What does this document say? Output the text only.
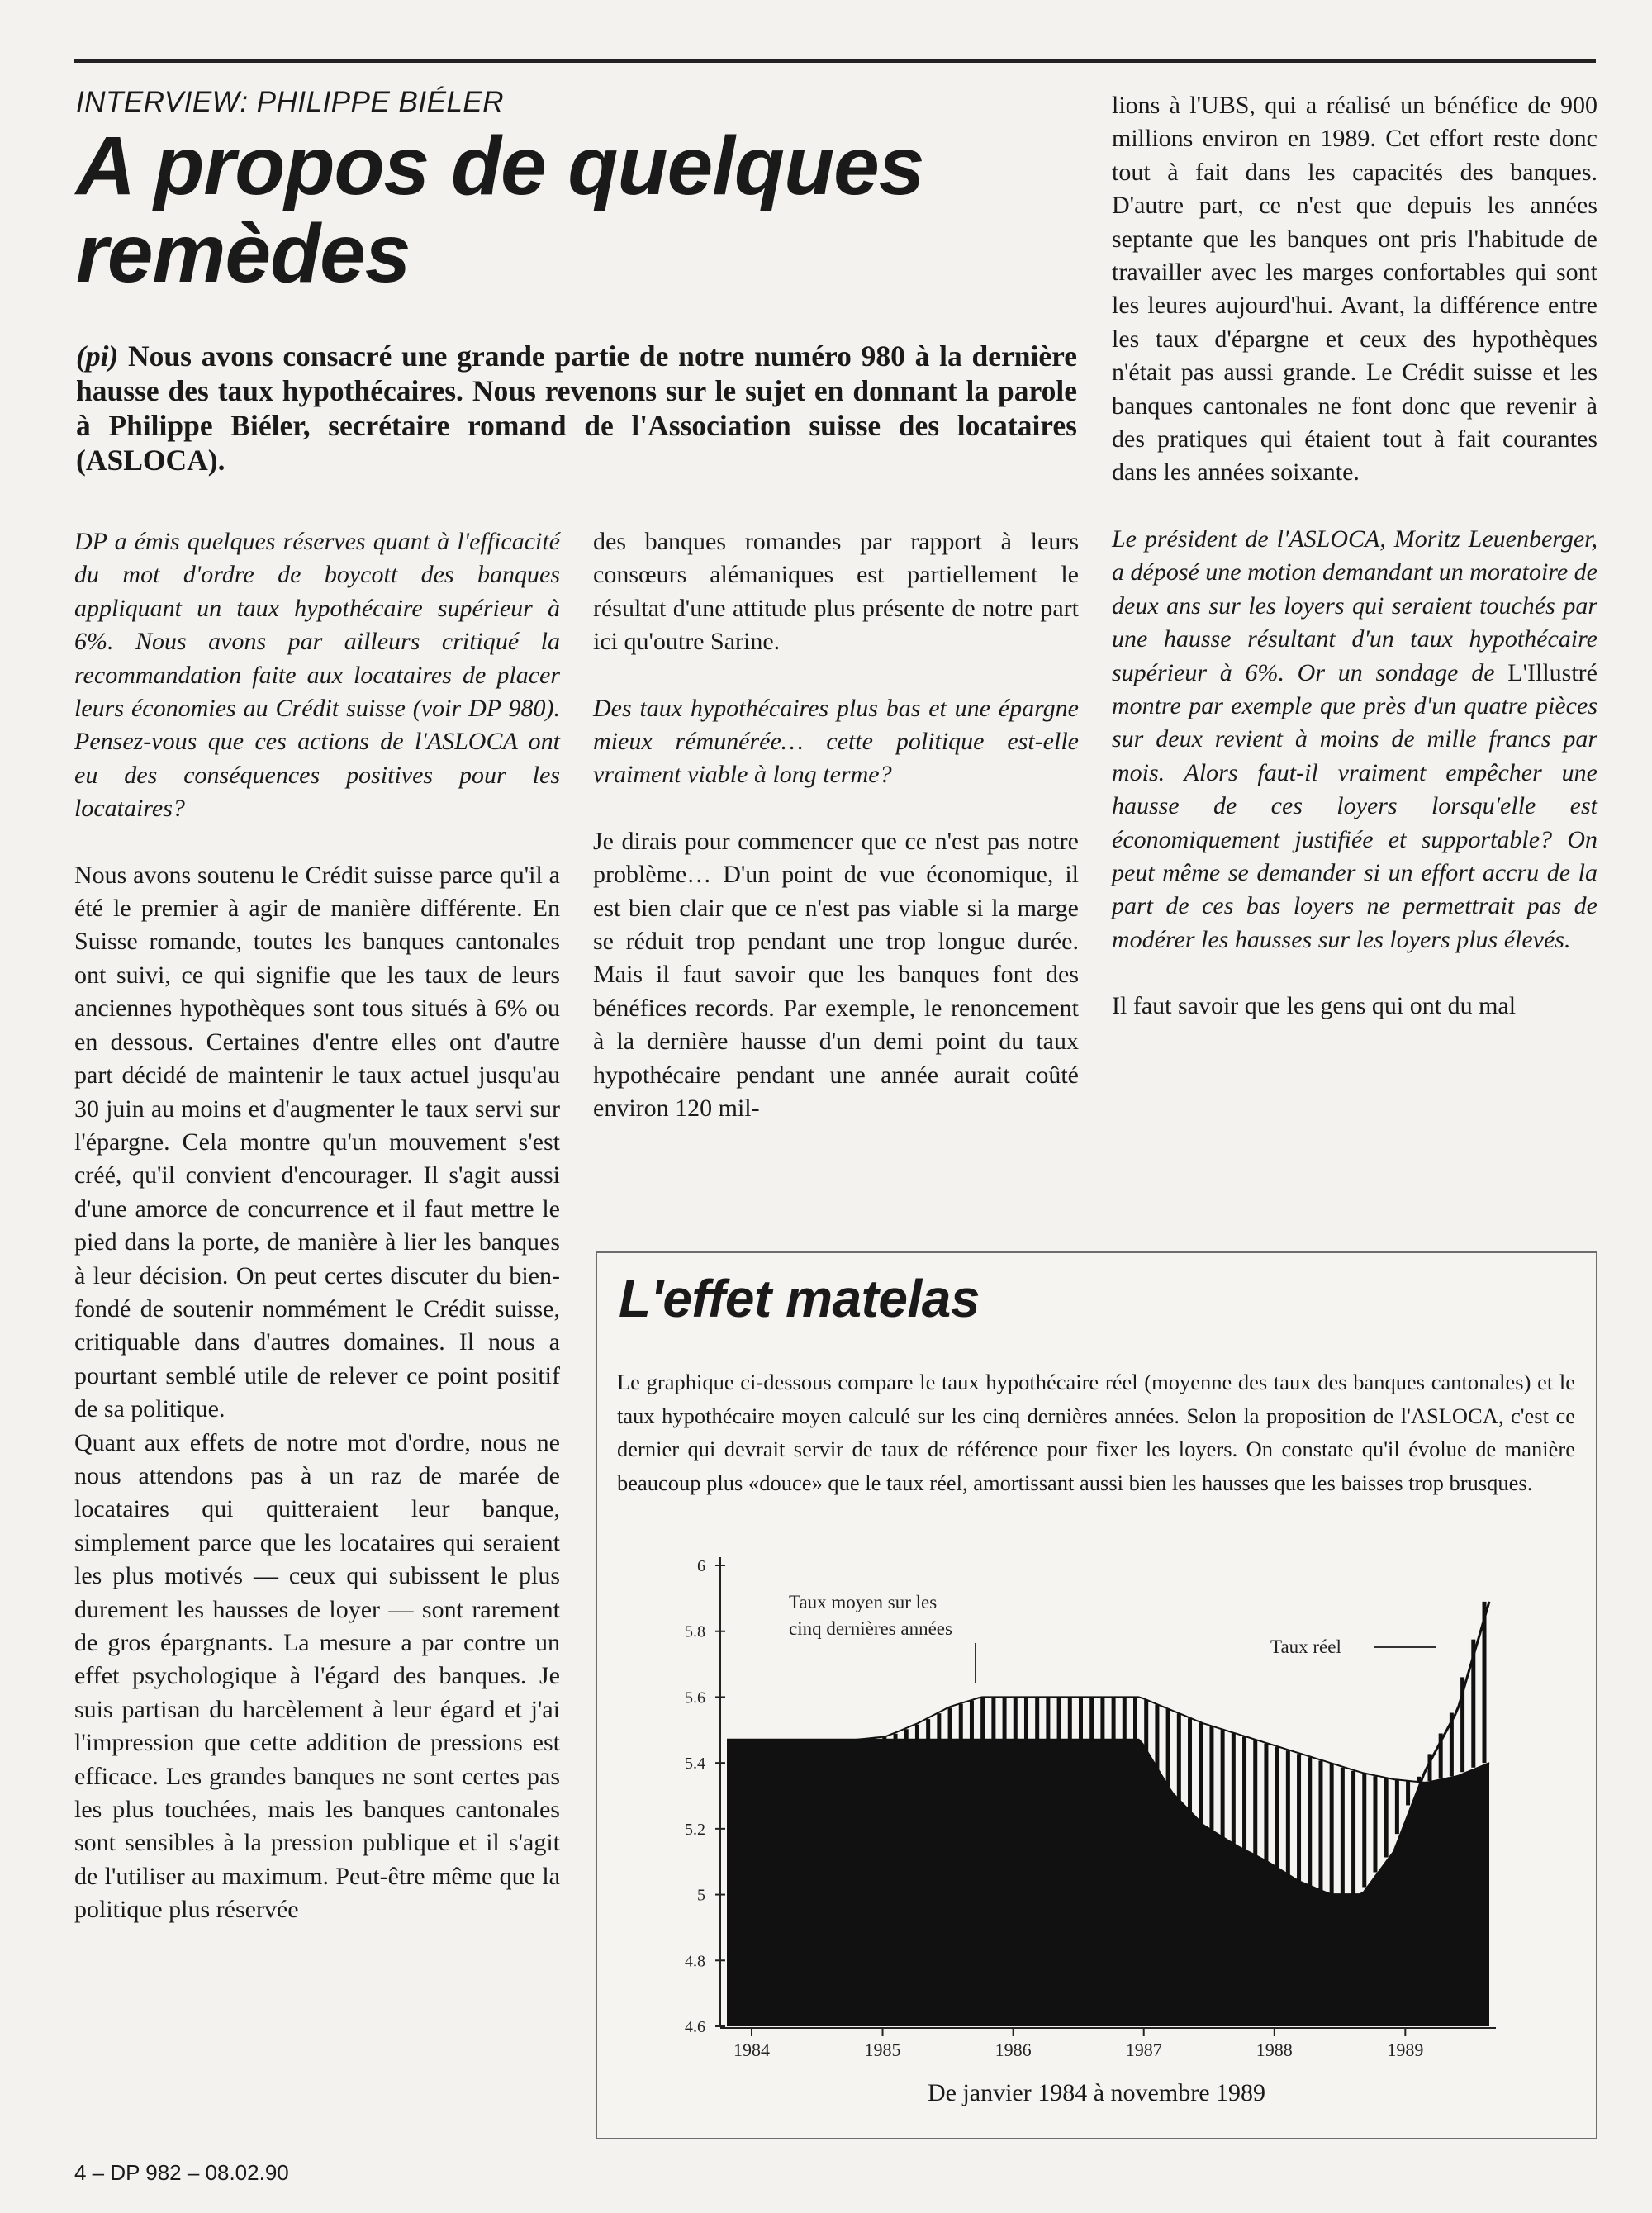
INTERVIEW: PHILIPPE BIÉLER

A propos de quelques remèdes

(pi) Nous avons consacré une grande partie de notre numéro 980 à la dernière hausse des taux hypothécaires. Nous revenons sur le sujet en donnant la parole à Philippe Biéler, secrétaire romand de l'Association suisse des locataires (ASLOCA).

DP a émis quelques réserves quant à l'efficacité du mot d'ordre de boycott des banques appliquant un taux hypothécaire supérieur à 6%. Nous avons par ailleurs critiqué la recommandation faite aux locataires de placer leurs économies au Crédit suisse (voir DP 980). Pensez-vous que ces actions de l'ASLOCA ont eu des conséquences positives pour les locataires?

Nous avons soutenu le Crédit suisse parce qu'il a été le premier à agir de manière différente. En Suisse romande, toutes les banques cantonales ont suivi, ce qui signifie que les taux de leurs anciennes hypothèques sont tous situés à 6% ou en dessous. Certaines d'entre elles ont d'autre part décidé de maintenir le taux actuel jusqu'au 30 juin au moins et d'augmenter le taux servi sur l'épargne. Cela montre qu'un mouvement s'est créé, qu'il convient d'encourager. Il s'agit aussi d'une amorce de concurrence et il faut mettre le pied dans la porte, de manière à lier les banques à leur décision. On peut certes discuter du bien-fondé de soutenir nommément le Crédit suisse, critiquable dans d'autres domaines. Il nous a pourtant semblé utile de relever ce point positif de sa politique.

Quant aux effets de notre mot d'ordre, nous ne nous attendons pas à un raz de marée de locataires qui quitteraient leur banque, simplement parce que les locataires qui seraient les plus motivés — ceux qui subissent le plus durement les hausses de loyer — sont rarement de gros épargnants. La mesure a par contre un effet psychologique à l'égard des banques. Je suis partisan du harcèlement à leur égard et j'ai l'impression que cette addition de pressions est efficace. Les grandes banques ne sont certes pas les plus touchées, mais les banques cantonales sont sensibles à la pression publique et il s'agit de l'utiliser au maximum. Peut-être même que la politique plus réservée

des banques romandes par rapport à leurs consœurs alémaniques est partiellement le résultat d'une attitude plus présente de notre part ici qu'outre Sarine.

Des taux hypothécaires plus bas et une épargne mieux rémunérée… cette politique est-elle vraiment viable à long terme?

Je dirais pour commencer que ce n'est pas notre problème… D'un point de vue économique, il est bien clair que ce n'est pas viable si la marge se réduit trop pendant une trop longue durée. Mais il faut savoir que les banques font des bénéfices records. Par exemple, le renoncement à la dernière hausse d'un demi point du taux hypothécaire pendant une année aurait coûté environ 120 mil-

lions à l'UBS, qui a réalisé un bénéfice de 900 millions environ en 1989. Cet effort reste donc tout à fait dans les capacités des banques. D'autre part, ce n'est que depuis les années septante que les banques ont pris l'habitude de travailler avec les marges confortables qui sont les leures aujourd'hui. Avant, la différence entre les taux d'épargne et ceux des hypothèques n'était pas aussi grande. Le Crédit suisse et les banques cantonales ne font donc que revenir à des pratiques qui étaient tout à fait courantes dans les années soixante.

Le président de l'ASLOCA, Moritz Leuenberger, a déposé une motion demandant un moratoire de deux ans sur les loyers qui seraient touchés par une hausse résultant d'un taux hypothécaire supérieur à 6%. Or un sondage de L'Illustré montre par exemple que près d'un quatre pièces sur deux revient à moins de mille francs par mois. Alors faut-il vraiment empêcher une hausse de ces loyers lorsqu'elle est économiquement justifiée et supportable? On peut même se demander si un effort accru de la part de ces bas loyers ne permettrait pas de modérer les hausses sur les loyers plus élevés.

Il faut savoir que les gens qui ont du mal

L'effet matelas

Le graphique ci-dessous compare le taux hypothécaire réel (moyenne des taux des banques cantonales) et le taux hypothécaire moyen calculé sur les cinq dernières années. Selon la proposition de l'ASLOCA, c'est ce dernier qui devrait servir de taux de référence pour fixer les loyers. On constate qu'il évolue de manière beaucoup plus «douce» que le taux réel, amortissant aussi bien les hausses que les baisses trop brusques.

6
5.8
5.6
5.4
5.2
5
4.8
4.6
1984	1985	1986	1987	1988	1989
Taux moyen sur les
cinq dernières années
Taux réel

De janvier 1984 à novembre 1989

4 – DP 982 – 08.02.90
